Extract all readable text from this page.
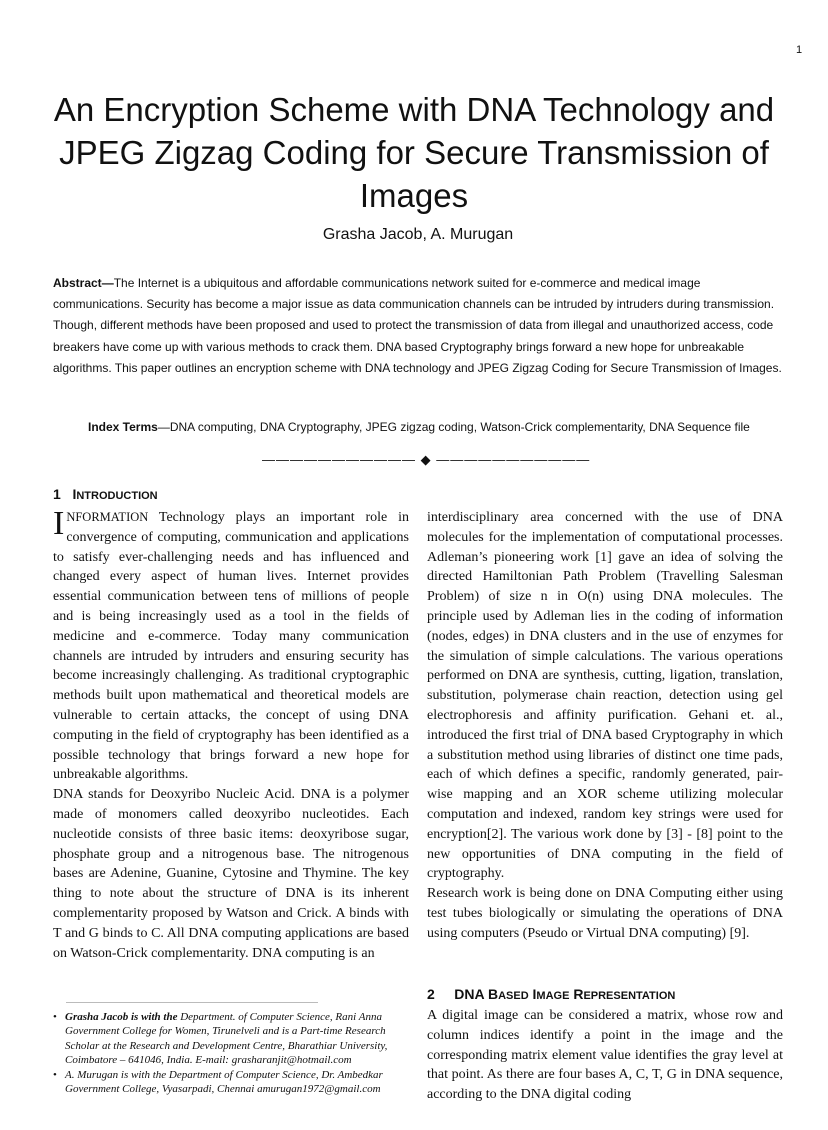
1
An Encryption Scheme with DNA Technology and JPEG Zigzag Coding for Secure Transmission of Images
Grasha Jacob, A. Murugan
Abstract—The Internet is a ubiquitous and affordable communications network suited for e-commerce and medical image communications. Security has become a major issue as data communication channels can be intruded by intruders during transmission. Though, different methods have been proposed and used to protect the transmission of data from illegal and unauthorized access, code breakers have come up with various methods to crack them. DNA based Cryptography brings forward a new hope for unbreakable algorithms. This paper outlines an encryption scheme with DNA technology and JPEG Zigzag Coding for Secure Transmission of Images.
Index Terms—DNA computing, DNA Cryptography, JPEG zigzag coding, Watson-Crick complementarity, DNA Sequence file
——————————— ◆ ———————————
1 INTRODUCTION

INFORMATION Technology plays an important role in convergence of computing, communication and applications to satisfy ever-challenging needs and has influenced and changed every aspect of human lives. Internet provides essential communication between tens of millions of people and is being increasingly used as a tool in the fields of medicine and e-commerce. Today many communication channels are intruded by intruders and ensuring security has become increasingly challenging. As traditional cryptographic methods built upon mathematical and theoretical models are vulnerable to certain attacks, the concept of using DNA computing in the field of cryptography has been identified as a possible technology that brings forward a new hope for unbreakable algorithms.

DNA stands for Deoxyribo Nucleic Acid. DNA is a polymer made of monomers called deoxyribo nucleotides. Each nucleotide consists of three basic items: deoxyribose sugar, phosphate group and a nitrogenous base. The nitrogenous bases are Adenine, Guanine, Cytosine and Thymine. The key thing to note about the structure of DNA is its inherent complementarity proposed by Watson and Crick. A binds with T and G binds to C. All DNA computing applications are based on Watson-Crick complementarity. DNA computing is an

interdisciplinary area concerned with the use of DNA molecules for the implementation of computational processes. Adleman’s pioneering work [1] gave an idea of solving the directed Hamiltonian Path Problem (Travelling Salesman Problem) of size n in O(n) using DNA molecules. The principle used by Adleman lies in the coding of information (nodes, edges) in DNA clusters and in the use of enzymes for the simulation of simple calculations. The various operations performed on DNA are synthesis, cutting, ligation, translation, substitution, polymerase chain reaction, detection using gel electrophoresis and affinity purification. Gehani et. al., introduced the first trial of DNA based Cryptography in which a substitution method using libraries of distinct one time pads, each of which defines a specific, randomly generated, pair-wise mapping and an XOR scheme utilizing molecular computation and indexed, random key strings were used for encryption[2]. The various work done by [3] - [8] point to the new opportunities of DNA computing in the field of cryptography.

Research work is being done on DNA Computing either using test tubes biologically or simulating the operations of DNA using computers (Pseudo or Virtual DNA computing) [9].

2 DNA BASED IMAGE REPRESENTATION

A digital image can be considered a matrix, whose row and column indices identify a point in the image and the corresponding matrix element value identifies the gray level at that point. As there are four bases A, C, T, G in DNA sequence, according to the DNA digital coding

• Grasha Jacob is with the Department. of Computer Science, Rani Anna Government College for Women, Tirunelveli and is a Part-time Research Scholar at the Research and Development Centre, Bharathiar University, Coimbatore – 641046, India. E-mail: grasharanjit@hotmail.com

• A. Murugan is with the Department of Computer Science, Dr. Ambedkar Government College, Vyasarpadi, Chennai amurugan1972@gmail.com
